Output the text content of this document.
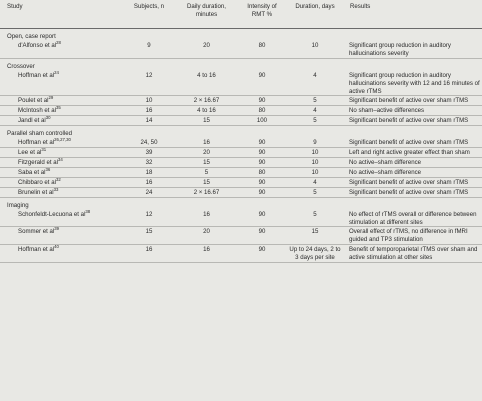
Study	Subjects, n	Daily duration, minutes	Intensity of RMT %	Duration, days	Results
Open, case report					
d'Alfonso et $al^{28}$	9	20	80	10	Significant group reduction in auditory hallucinations severity
Crossover					
Hoffman et $al^{24}$	12	4 to 16	90	4	Significant group reduction in auditory hallucinations severity with 12 and 16 minutes of active rTMS
Poulet et $al^{29}$	10	2 × 16.67	90	5	Significant benefit of active over sham rTMS
McIntosh et $al^{35}$	16	4 to 16	80	4	No sham–active differences
Jandl et $al^{30}$	14	15	100	5	Significant benefit of active over sham rTMS
Parallel sham controlled					
Hoffman et al$^{26,27,30}$	24, 50	16	90	9	Significant benefit of active over sham rTMS
Lee et $al^{31}$	39	20	90	10	Left and right active greater effect than sham
Fitzgerald et $al^{34}$	32	15	90	10	No active–sham difference
Saba et $al^{36}$	18	5	80	10	No active–sham difference
Chibbaro et $al^{32}$	16	15	90	4	Significant benefit of active over sham rTMS
Brunelin et $al^{33}$	24	2 × 16.67	90	5	Significant benefit of active over sham rTMS
Imaging					
Schonfeldt-Lecuona et $al^{38}$	12	16	90	5	No effect of rTMS overall or difference between stimulation at different sites
Sommer et $al^{39}$	15	20	90	15	Overall effect of rTMS, no difference in fMRI guided and TP3 stimulation
Hoffman et $al^{40}$	16	16	90	Up to 24 days, 2 to 3 days per site	Benefit of temporoparietal rTMS over sham and active stimulation at other sites
